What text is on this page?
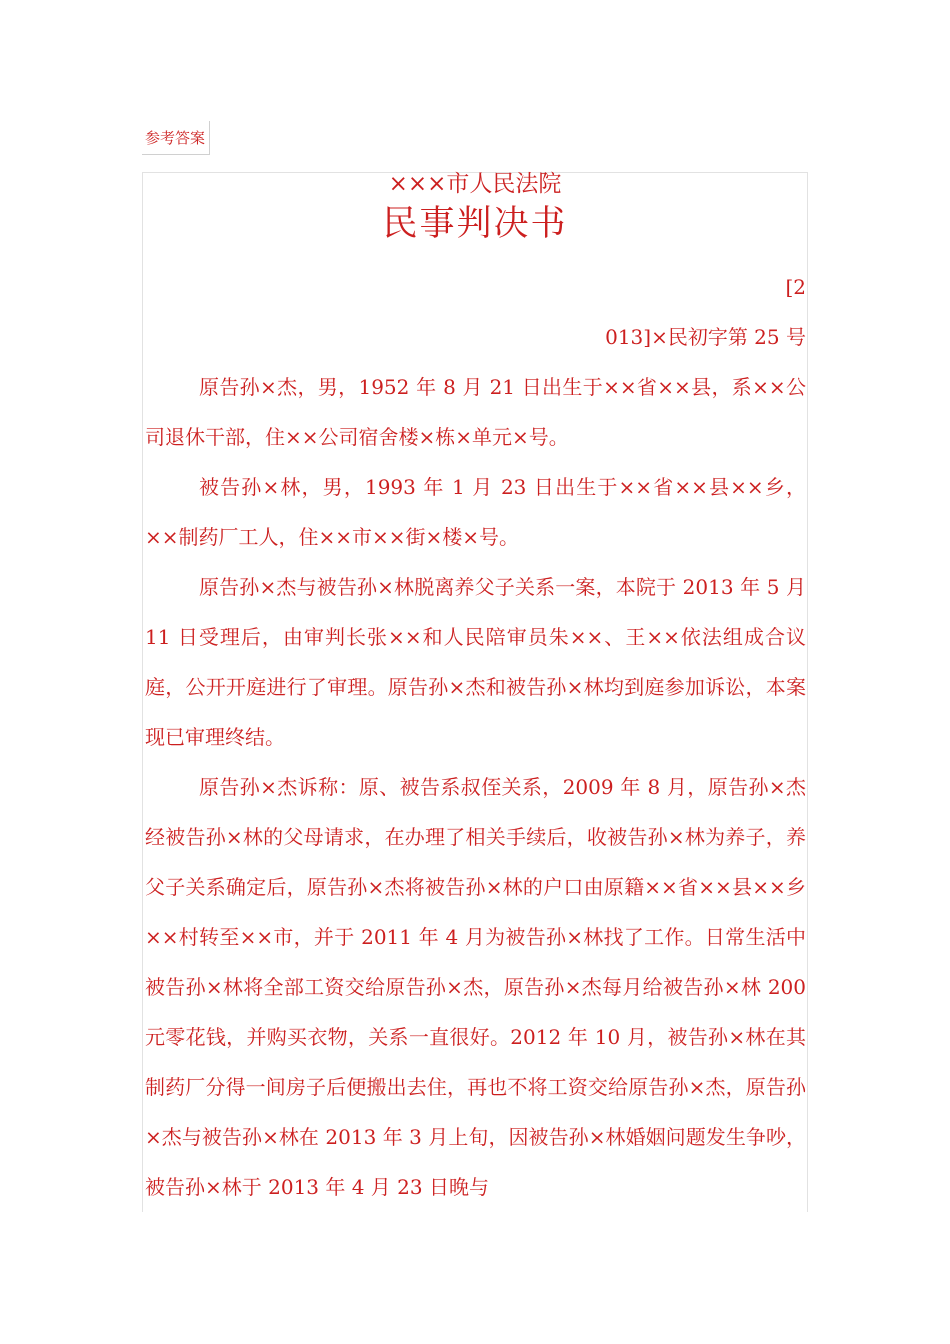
参考答案
×××市人民法院
民事判决书
[2
013]×民初字第 25 号

原告孙×杰，男，1952 年 8 月 21 日出生于××省××县，系××公司退休干部，住××公司宿舍楼×栋×单元×号。

被告孙×林，男，1993 年 1 月 23 日出生于××省××县××乡，××制药厂工人，住××市××街×楼×号。

原告孙×杰与被告孙×林脱离养父子关系一案，本院于 2013 年 5 月 11 日受理后，由审判长张××和人民陪审员朱××、王××依法组成合议庭，公开开庭进行了审理。原告孙×杰和被告孙×林均到庭参加诉讼，本案现已审理终结。

原告孙×杰诉称：原、被告系叔侄关系，2009 年 8 月，原告孙×杰经被告孙×林的父母请求，在办理了相关手续后，收被告孙×林为养子，养父子关系确定后，原告孙×杰将被告孙×林的户口由原籍××省××县××乡××村转至××市，并于 2011 年 4 月为被告孙×林找了工作。日常生活中被告孙×林将全部工资交给原告孙×杰，原告孙×杰每月给被告孙×林 200 元零花钱，并购买衣物，关系一直很好。2012 年 10 月，被告孙×林在其制药厂分得一间房子后便搬出去住，再也不将工资交给原告孙×杰，原告孙×杰与被告孙×林在 2013 年 3 月上旬，因被告孙×林婚姻问题发生争吵，被告孙×林于 2013 年 4 月 23 日晚与
